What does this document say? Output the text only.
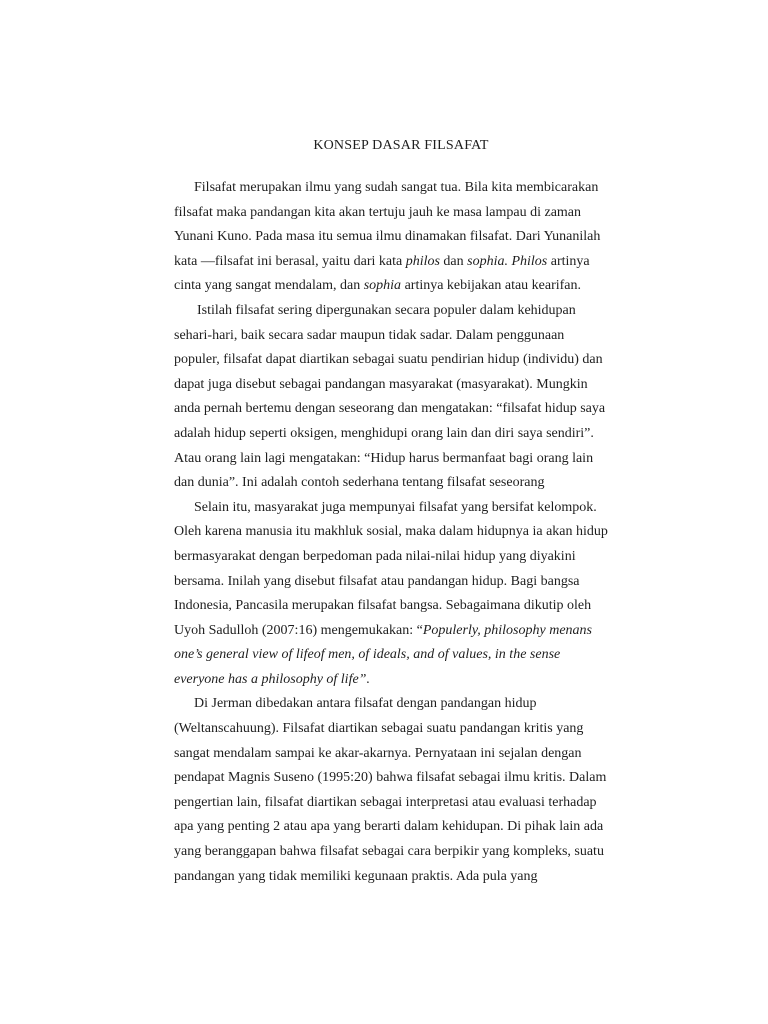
KONSEP DASAR FILSAFAT
Filsafat merupakan ilmu yang sudah sangat tua. Bila kita membicarakan
filsafat maka pandangan kita akan tertuju jauh ke masa lampau di zaman
Yunani Kuno. Pada masa itu semua ilmu dinamakan filsafat. Dari Yunanilah
kata —filsafat ini berasal, yaitu dari kata philos dan sophia. Philos artinya
cinta yang sangat mendalam, dan sophia artinya kebijakan atau kearifan.
Istilah filsafat sering dipergunakan secara populer dalam kehidupan
sehari-hari, baik secara sadar maupun tidak sadar. Dalam penggunaan
populer, filsafat dapat diartikan sebagai suatu pendirian hidup (individu) dan
dapat juga disebut sebagai pandangan masyarakat (masyarakat). Mungkin
anda pernah bertemu dengan seseorang dan mengatakan: “filsafat hidup saya
adalah hidup seperti oksigen, menghidupi orang lain dan diri saya sendiri”.
Atau orang lain lagi mengatakan: “Hidup harus bermanfaat bagi orang lain
dan dunia”. Ini adalah contoh sederhana tentang filsafat seseorang
Selain itu, masyarakat juga mempunyai filsafat yang bersifat kelompok.
Oleh karena manusia itu makhluk sosial, maka dalam hidupnya ia akan hidup
bermasyarakat dengan berpedoman pada nilai-nilai hidup yang diyakini
bersama. Inilah yang disebut filsafat atau pandangan hidup. Bagi bangsa
Indonesia, Pancasila merupakan filsafat bangsa. Sebagaimana dikutip oleh
Uyoh Sadulloh (2007:16) mengemukakan: “Populerly, philosophy menans
one’s general view of lifeof men, of ideals, and of values, in the sense
everyone has a philosophy of life”.
Di Jerman dibedakan antara filsafat dengan pandangan hidup
(Weltanscahuung). Filsafat diartikan sebagai suatu pandangan kritis yang
sangat mendalam sampai ke akar-akarnya. Pernyataan ini sejalan dengan
pendapat Magnis Suseno (1995:20) bahwa filsafat sebagai ilmu kritis. Dalam
pengertian lain, filsafat diartikan sebagai interpretasi atau evaluasi terhadap
apa yang penting 2 atau apa yang berarti dalam kehidupan. Di pihak lain ada
yang beranggapan bahwa filsafat sebagai cara berpikir yang kompleks, suatu
pandangan yang tidak memiliki kegunaan praktis. Ada pula yang
